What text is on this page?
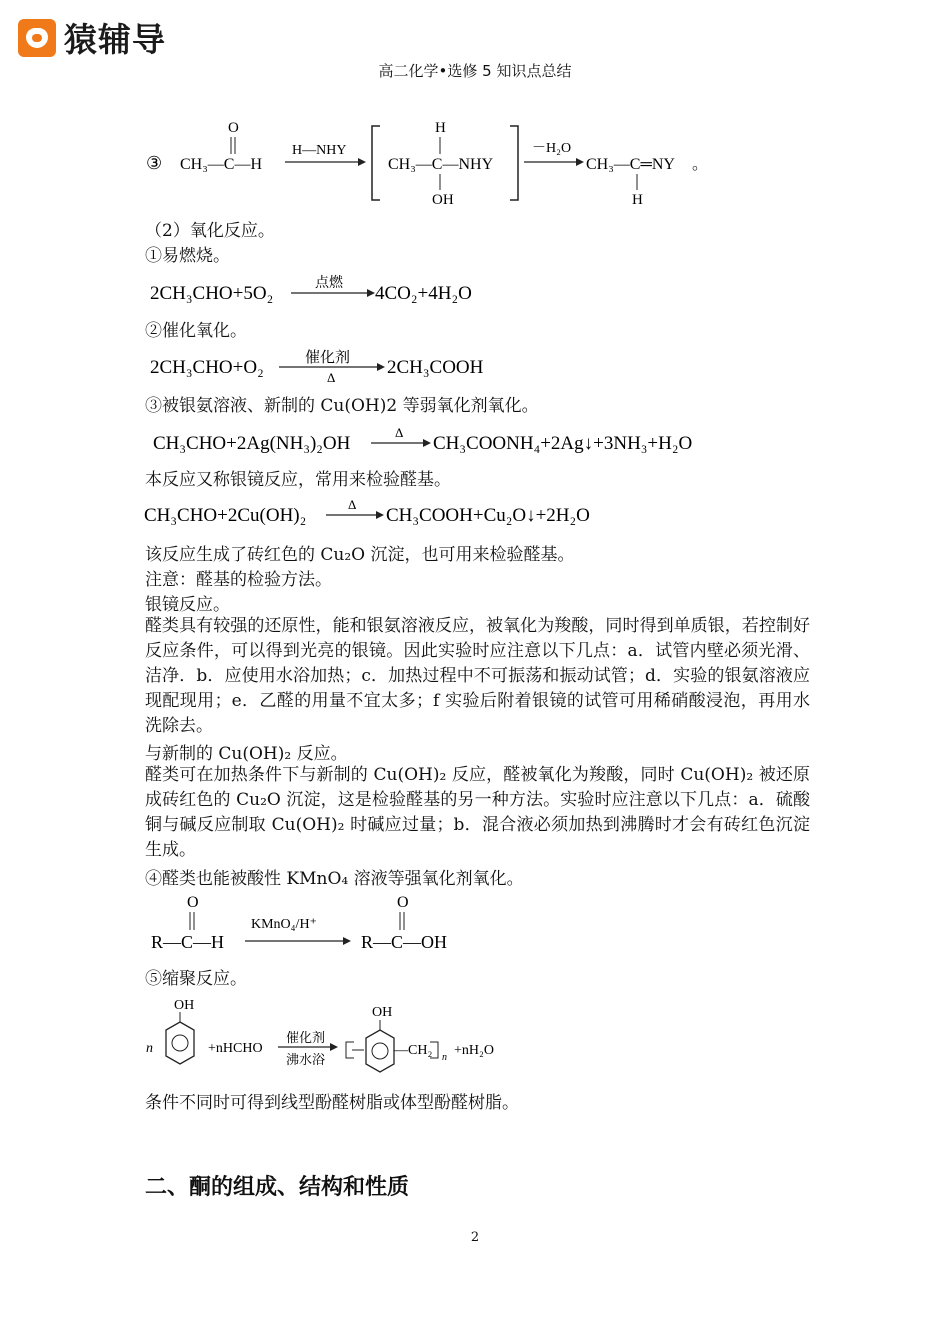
猿辅导
高二化学•选修 5 知识点总结
③ CH₃—C—H
O
H—NHY
CH₃—C—NHY
H
OH
－H₂O
CH₃—C═NY
H
。
（2）氧化反应。
①易燃烧。
2CH₃CHO+5O₂	点燃 4CO₂+4H₂O
②催化氧化。
2CH₃CHO+O₂	催化剂
Δ	2CH₃COOH
③被银氨溶液、新制的 Cu(OH)2 等弱氧化剂氧化。
CH₃CHO+2Ag(NH₃)₂OH
Δ
CH₃COONH₄+2Ag↓+3NH₃+H₂O
本反应又称银镜反应，常用来检验醛基。
CH₃CHO+2Cu(OH)₂
Δ
CH₃COOH+Cu₂O↓+2H₂O
该反应生成了砖红色的 Cu₂O 沉淀，也可用来检验醛基。
注意：醛基的检验方法。
银镜反应。
醛类具有较强的还原性，能和银氨溶液反应，被氧化为羧酸，同时得到单质银，若控制好反应条件，可以得到光亮的银镜。因此实验时应注意以下几点：a．试管内壁必须光滑、洁净．b．应使用水浴加热；c．加热过程中不可振荡和振动试管；d．实验的银氨溶液应现配现用；e．乙醛的用量不宜太多；f 实验后附着银镜的试管可用稀硝酸浸泡，再用水洗除去。
与新制的 Cu(OH)₂ 反应。
醛类可在加热条件下与新制的 Cu(OH)₂ 反应，醛被氧化为羧酸，同时 Cu(OH)₂ 被还原成砖红色的 Cu₂O 沉淀，这是检验醛基的另一种方法。实验时应注意以下几点：a．硫酸铜与碱反应制取 Cu(OH)₂ 时碱应过量；b．混合液必须加热到沸腾时才会有砖红色沉淀生成。
④醛类也能被酸性 KMnO₄ 溶液等强氧化剂氧化。
O
R—C—H
KMnO₄/H⁺
O
R—C—OH
⑤缩聚反应。
n
OH
+nHCHO
催化剂
沸水浴
OH
—CH₂ n +nH₂O
条件不同时可得到线型酚醛树脂或体型酚醛树脂。
二、酮的组成、结构和性质
2
